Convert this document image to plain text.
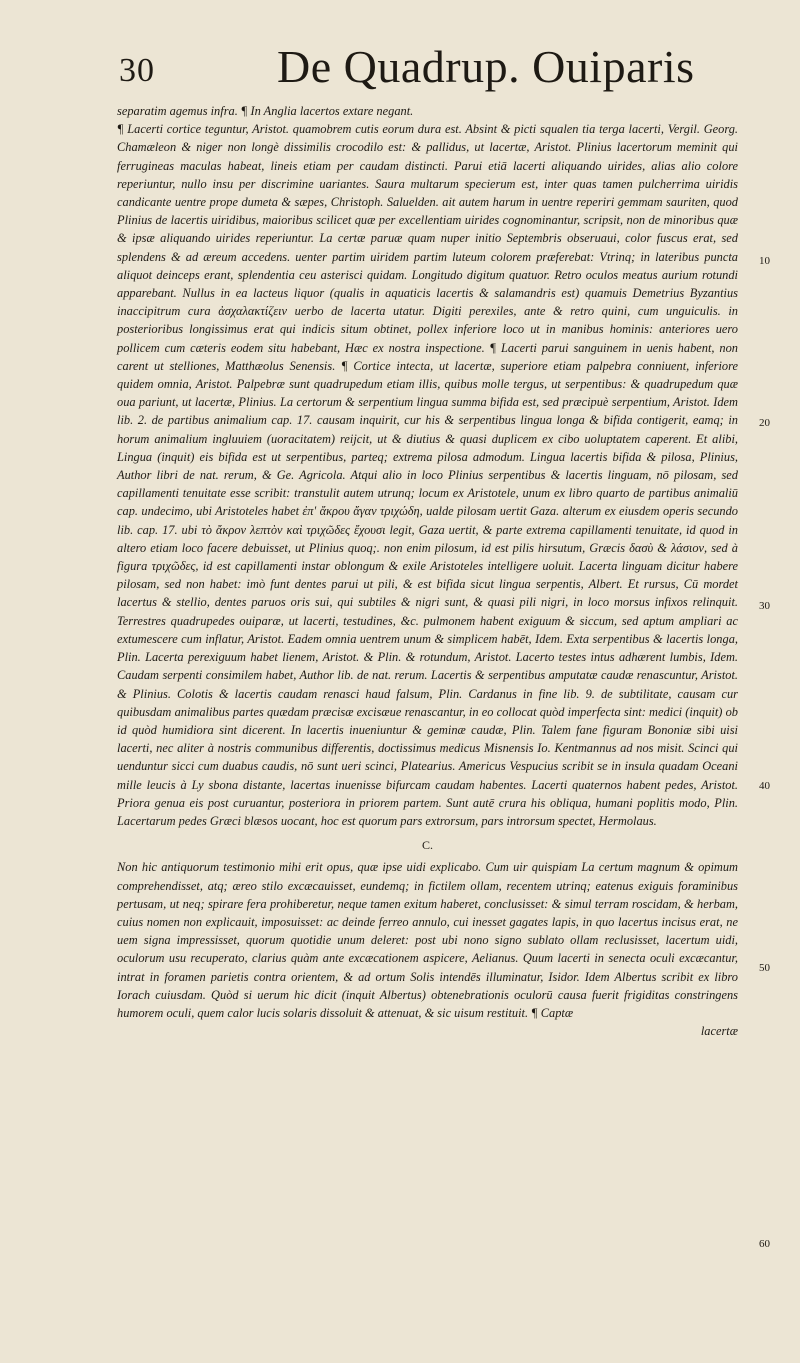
30	De Quadrup. Ouiparis

separatim agemus infra. ¶ In Anglia lacertos extare negant.

¶ Lacerti cortice teguntur, Aristot. quamobrem cutis eorum dura est. Absint & picti squalen tia terga lacerti, Vergil. Georg. Chamæleon & niger non longè dissimilis crocodilo est: & pallidus, ut lacertæ, Aristot. Plinius lacertorum meminit qui ferrugineas maculas habeat, lineis etiam per caudam distincti. Parui etiā lacerti aliquando uirides, alias alio colore reperiuntur, nullo insu per discrimine uariantes. Saura multarum specierum est, inter quas tamen pulcherrima uiridis candicante uentre prope dumeta & sæpes, Christoph. Saluelden. ait autem harum in uentre reperiri gemmam sauriten, quod Plinius de lacertis uiridibus, maioribus scilicet quæ per excellentiam uirides cognominantur, scripsit, non de minoribus quæ & ipsæ aliquando uirides reperiuntur. La certæ paruæ quam nuper initio Septembris obseruaui, color fuscus erat, sed splendens & ad æreum accedens. uenter partim uiridem partim luteum colorem præferebat: Vtrinq; in lateribus puncta aliquot deinceps erant, splendentia ceu asterisci quidam. Longitudo digitum quatuor. Retro oculos meatus aurium rotundi apparebant. Nullus in ea lacteus liquor (qualis in aquaticis lacertis & salamandris est) quamuis Demetrius Byzantius inaccipitrum cura ἀσχαλακτίζειν uerbo de lacerta utatur. Digiti perexiles, ante & retro quini, cum unguiculis. in posterioribus longissimus erat qui indicis situm obtinet, pollex inferiore loco ut in manibus hominis: anteriores uero pollicem cum cæteris eodem situ habebant, Hæc ex nostra inspectione. ¶ Lacerti parui sanguinem in uenis habent, non carent ut stelliones, Matthæolus Senensis. ¶ Cortice intecta, ut lacertæ, superiore etiam palpebra conniuent, inferiore quidem omnia, Aristot. Palpebræ sunt quadrupedum etiam illis, quibus molle tergus, ut serpentibus: & quadrupedum quæ oua pariunt, ut lacertæ, Plinius. La certorum & serpentium lingua summa bifida est, sed præcipuè serpentium, Aristot. Idem lib. 2. de partibus animalium cap. 17. causam inquirit, cur his & serpentibus lingua longa & bifida contigerit, eamq; in horum animalium ingluuiem (uoracitatem) reijcit, ut & diutius & quasi duplicem ex cibo uoluptatem caperent. Et alibi, Lingua (inquit) eis bifida est ut serpentibus, parteq; extrema pilosa admodum. Lingua lacertis bifida & pilosa, Plinius, Author libri de nat. rerum, & Ge. Agricola. Atqui alio in loco Plinius serpentibus & lacertis linguam, nō pilosam, sed capillamenti tenuitate esse scribit: transtulit autem utrunq; locum ex Aristotele, unum ex libro quarto de partibus animaliū cap. undecimo, ubi Aristoteles habet ἐπ' ἄκρου ἄγαν τριχώδη, ualde pilosam uertit Gaza. alterum ex eiusdem operis secundo lib. cap. 17. ubi τὸ ἄκρον λεπτὸν καὶ τριχῶδες ἔχουσι legit, Gaza uertit, & parte extrema capillamenti tenuitate, id quod in altero etiam loco facere debuisset, ut Plinius quoq;. non enim pilosum, id est pilis hirsutum, Græcis δασὺ & λάσιον, sed à figura τριχῶδες, id est capillamenti instar oblongum & exile Aristoteles intelligere uoluit. Lacerta linguam dicitur habere pilosam, sed non habet: imò funt dentes parui ut pili, & est bifida sicut lingua serpentis, Albert. Et rursus, Cū mordet lacertus & stellio, dentes paruos oris sui, qui subtiles & nigri sunt, & quasi pili nigri, in loco morsus infixos relinquit. Terrestres quadrupedes ouiparæ, ut lacerti, testudines, &c. pulmonem habent exiguum & siccum, sed aptum ampliari ac extumescere cum inflatur, Aristot. Eadem omnia uentrem unum & simplicem habēt, Idem. Exta serpentibus & lacertis longa, Plin. Lacerta perexiguum habet lienem, Aristot. & Plin. & rotundum, Aristot. Lacerto testes intus adhærent lumbis, Idem. Caudam serpenti consimilem habet, Author lib. de nat. rerum. Lacertis & serpentibus amputatæ caudæ renascuntur, Aristot. & Plinius. Colotis & lacertis caudam renasci haud falsum, Plin. Cardanus in fine lib. 9. de subtilitate, causam cur quibusdam animalibus partes quædam præcisæ excisæue renascantur, in eo collocat quòd imperfecta sint: medici (inquit) ob id quòd humidiora sint dicerent. In lacertis inueniuntur & geminæ caudæ, Plin. Talem fane figuram Bononiæ sibi uisi lacerti, nec aliter à nostris communibus differentis, doctissimus medicus Misnensis Io. Kentmannus ad nos misit. Scinci qui uenduntur sicci cum duabus caudis, nō sunt ueri scinci, Platearius. Americus Vespucius scribit se in insula quadam Oceani mille leucis à Ly sbona distante, lacertas inuenisse bifurcam caudam habentes. Lacerti quaternos habent pedes, Aristot. Priora genua eis post curuantur, posteriora in priorem partem. Sunt autē crura his obliqua, humani poplitis modo, Plin. Lacertarum pedes Græci blæsos uocant, hoc est quorum pars extrorsum, pars introrsum spectet, Hermolaus.

C.

Non hic antiquorum testimonio mihi erit opus, quæ ipse uidi explicabo. Cum uir quispiam La certum magnum & opimum comprehendisset, atq; æreo stilo excæcauisset, eundemq; in fictilem ollam, recentem utrinq; eatenus exiguis foraminibus pertusam, ut neq; spirare fera prohiberetur, neque tamen exitum haberet, conclusisset: & simul terram roscidam, & herbam, cuius nomen non explicauit, imposuisset: ac deinde ferreo annulo, cui inesset gagates lapis, in quo lacertus incisus erat, ne uem signa impressisset, quorum quotidie unum deleret: post ubi nono signo sublato ollam reclusisset, lacertum uidi, oculorum usu recuperato, clarius quàm ante excæcationem aspicere, Aelianus. Quum lacerti in senecta oculi excæcantur, intrat in foramen parietis contra orientem, & ad ortum Solis intendēs illuminatur, Isidor. Idem Albertus scribit ex libro Iorach cuiusdam. Quòd si uerum hic dicit (inquit Albertus) obtenebrationis oculorū causa fuerit frigiditas constringens humorem oculi, quem calor lucis solaris dissoluit & attenuat, & sic uisum restituit. ¶ Captæ

lacertæ
10
20
30
40
50
60
